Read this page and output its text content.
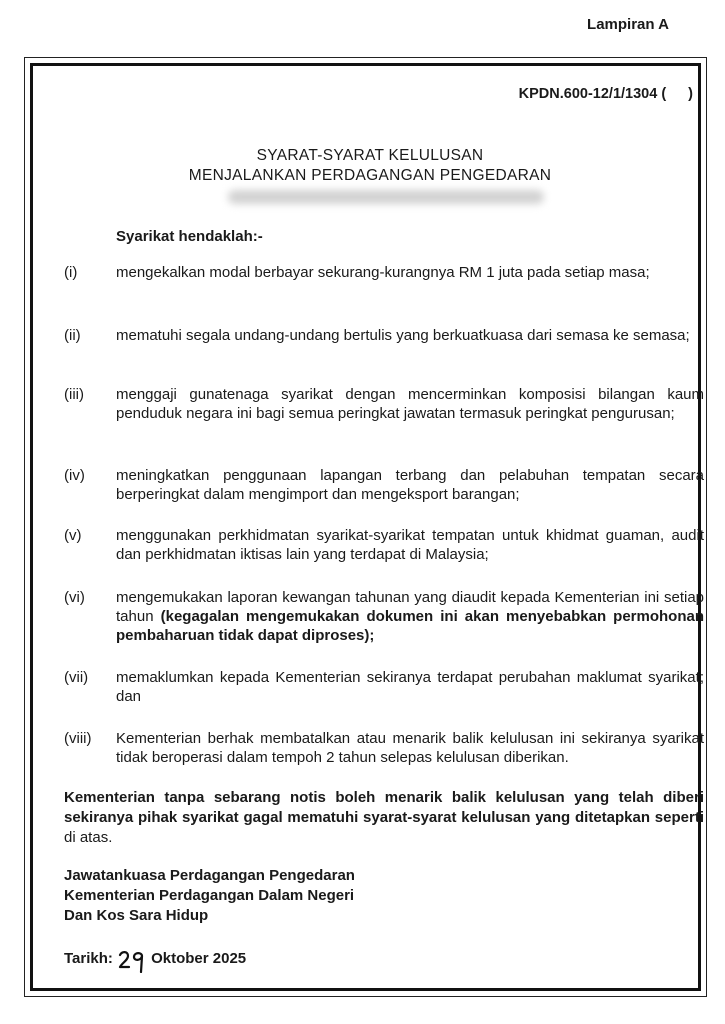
Lampiran A
KPDN.600-12/1/1304 ( )
SYARAT-SYARAT KELULUSAN
MENJALANKAN PERDAGANGAN PENGEDARAN
Syarikat hendaklah:-
(i)	mengekalkan modal berbayar sekurang-kurangnya RM 1 juta pada setiap masa;
(ii) mematuhi segala undang-undang bertulis yang berkuatkuasa dari semasa ke semasa;
(iii) menggaji gunatenaga syarikat dengan mencerminkan komposisi bilangan kaum penduduk negara ini bagi semua peringkat jawatan termasuk peringkat pengurusan;
(iv) meningkatkan penggunaan lapangan terbang dan pelabuhan tempatan secara berperingkat dalam mengimport dan mengeksport barangan;
(v) menggunakan perkhidmatan syarikat-syarikat tempatan untuk khidmat guaman, audit dan perkhidmatan iktisas lain yang terdapat di Malaysia;
(vi) mengemukakan laporan kewangan tahunan yang diaudit kepada Kementerian ini setiap tahun (kegagalan mengemukakan dokumen ini akan menyebabkan permohonan pembaharuan tidak dapat diproses);
(vii) memaklumkan kepada Kementerian sekiranya terdapat perubahan maklumat syarikat; dan
(viii) Kementerian berhak membatalkan atau menarik balik kelulusan ini sekiranya syarikat tidak beroperasi dalam tempoh 2 tahun selepas kelulusan diberikan.
Kementerian tanpa sebarang notis boleh menarik balik kelulusan yang telah diberi sekiranya pihak syarikat gagal mematuhi syarat-syarat kelulusan yang ditetapkan seperti di atas.
Jawatankuasa Perdagangan Pengedaran
Kementerian Perdagangan Dalam Negeri
Dan Kos Sara Hidup
Tarikh:	Oktober 2025
